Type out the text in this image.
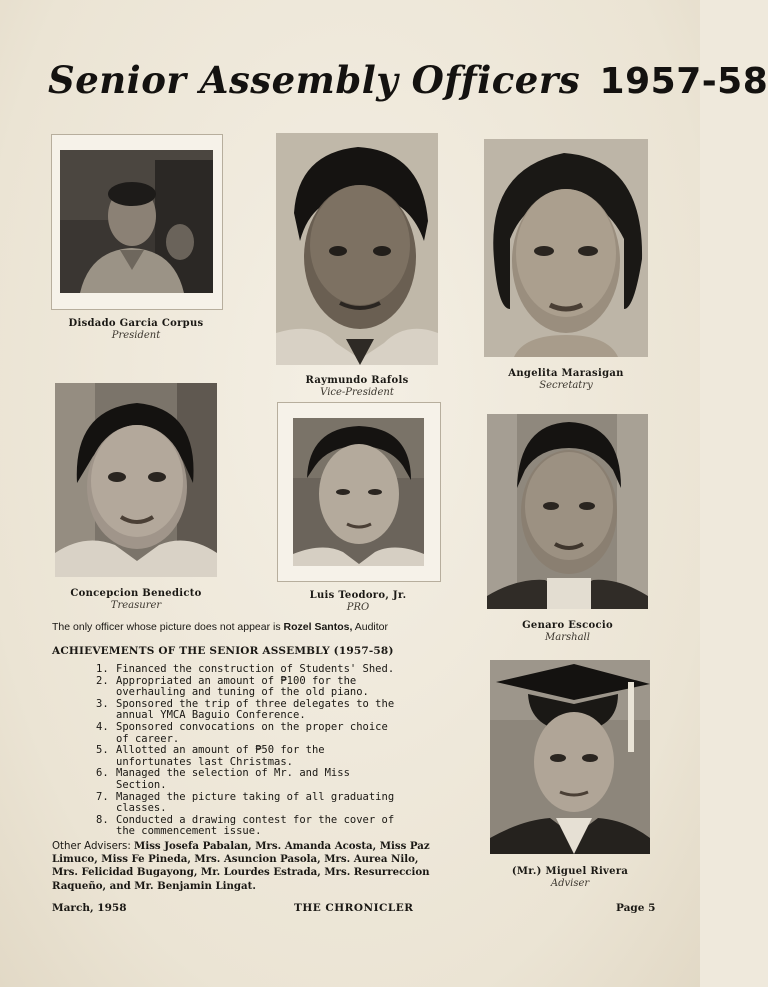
Senior Assembly Officers 1957-58
Disdado Garcia Corpus
President
Raymundo Rafols
Vice-President
Angelita Marasigan
Secretatry
Concepcion Benedicto
Treasurer
Luis Teodoro, Jr.
PRO
Genaro Escocio
Marshall
The only officer whose picture does not appear is Rozel Santos, Auditor
ACHIEVEMENTS OF THE SENIOR ASSEMBLY (1957-58)
1. Financed the construction of Students' Shed.
2. Appropriated an amount of ₱100 for the overhauling and tuning of the old piano.
3. Sponsored the trip of three delegates to the annual YMCA Baguio Conference.
4. Sponsored convocations on the proper choice of career.
5. Allotted an amount of ₱50 for the unfortunates last Christmas.
6. Managed the selection of Mr. and Miss Section.
7. Managed the picture taking of all graduating classes.
8. Conducted a drawing contest for the cover of the commencement issue.
(Mr.) Miguel Rivera
Adviser
Other Advisers: Miss Josefa Pabalan, Mrs. Amanda Acosta, Miss Paz Limuco, Miss Fe Pineda, Mrs. Asuncion Pasola, Mrs. Aurea Nilo, Mrs. Felicidad Bugayong, Mr. Lourdes Estrada, Mrs. Resurreccion Raqueño, and Mr. Benjamin Lingat.
March, 1958	THE CHRONICLER	Page 5
